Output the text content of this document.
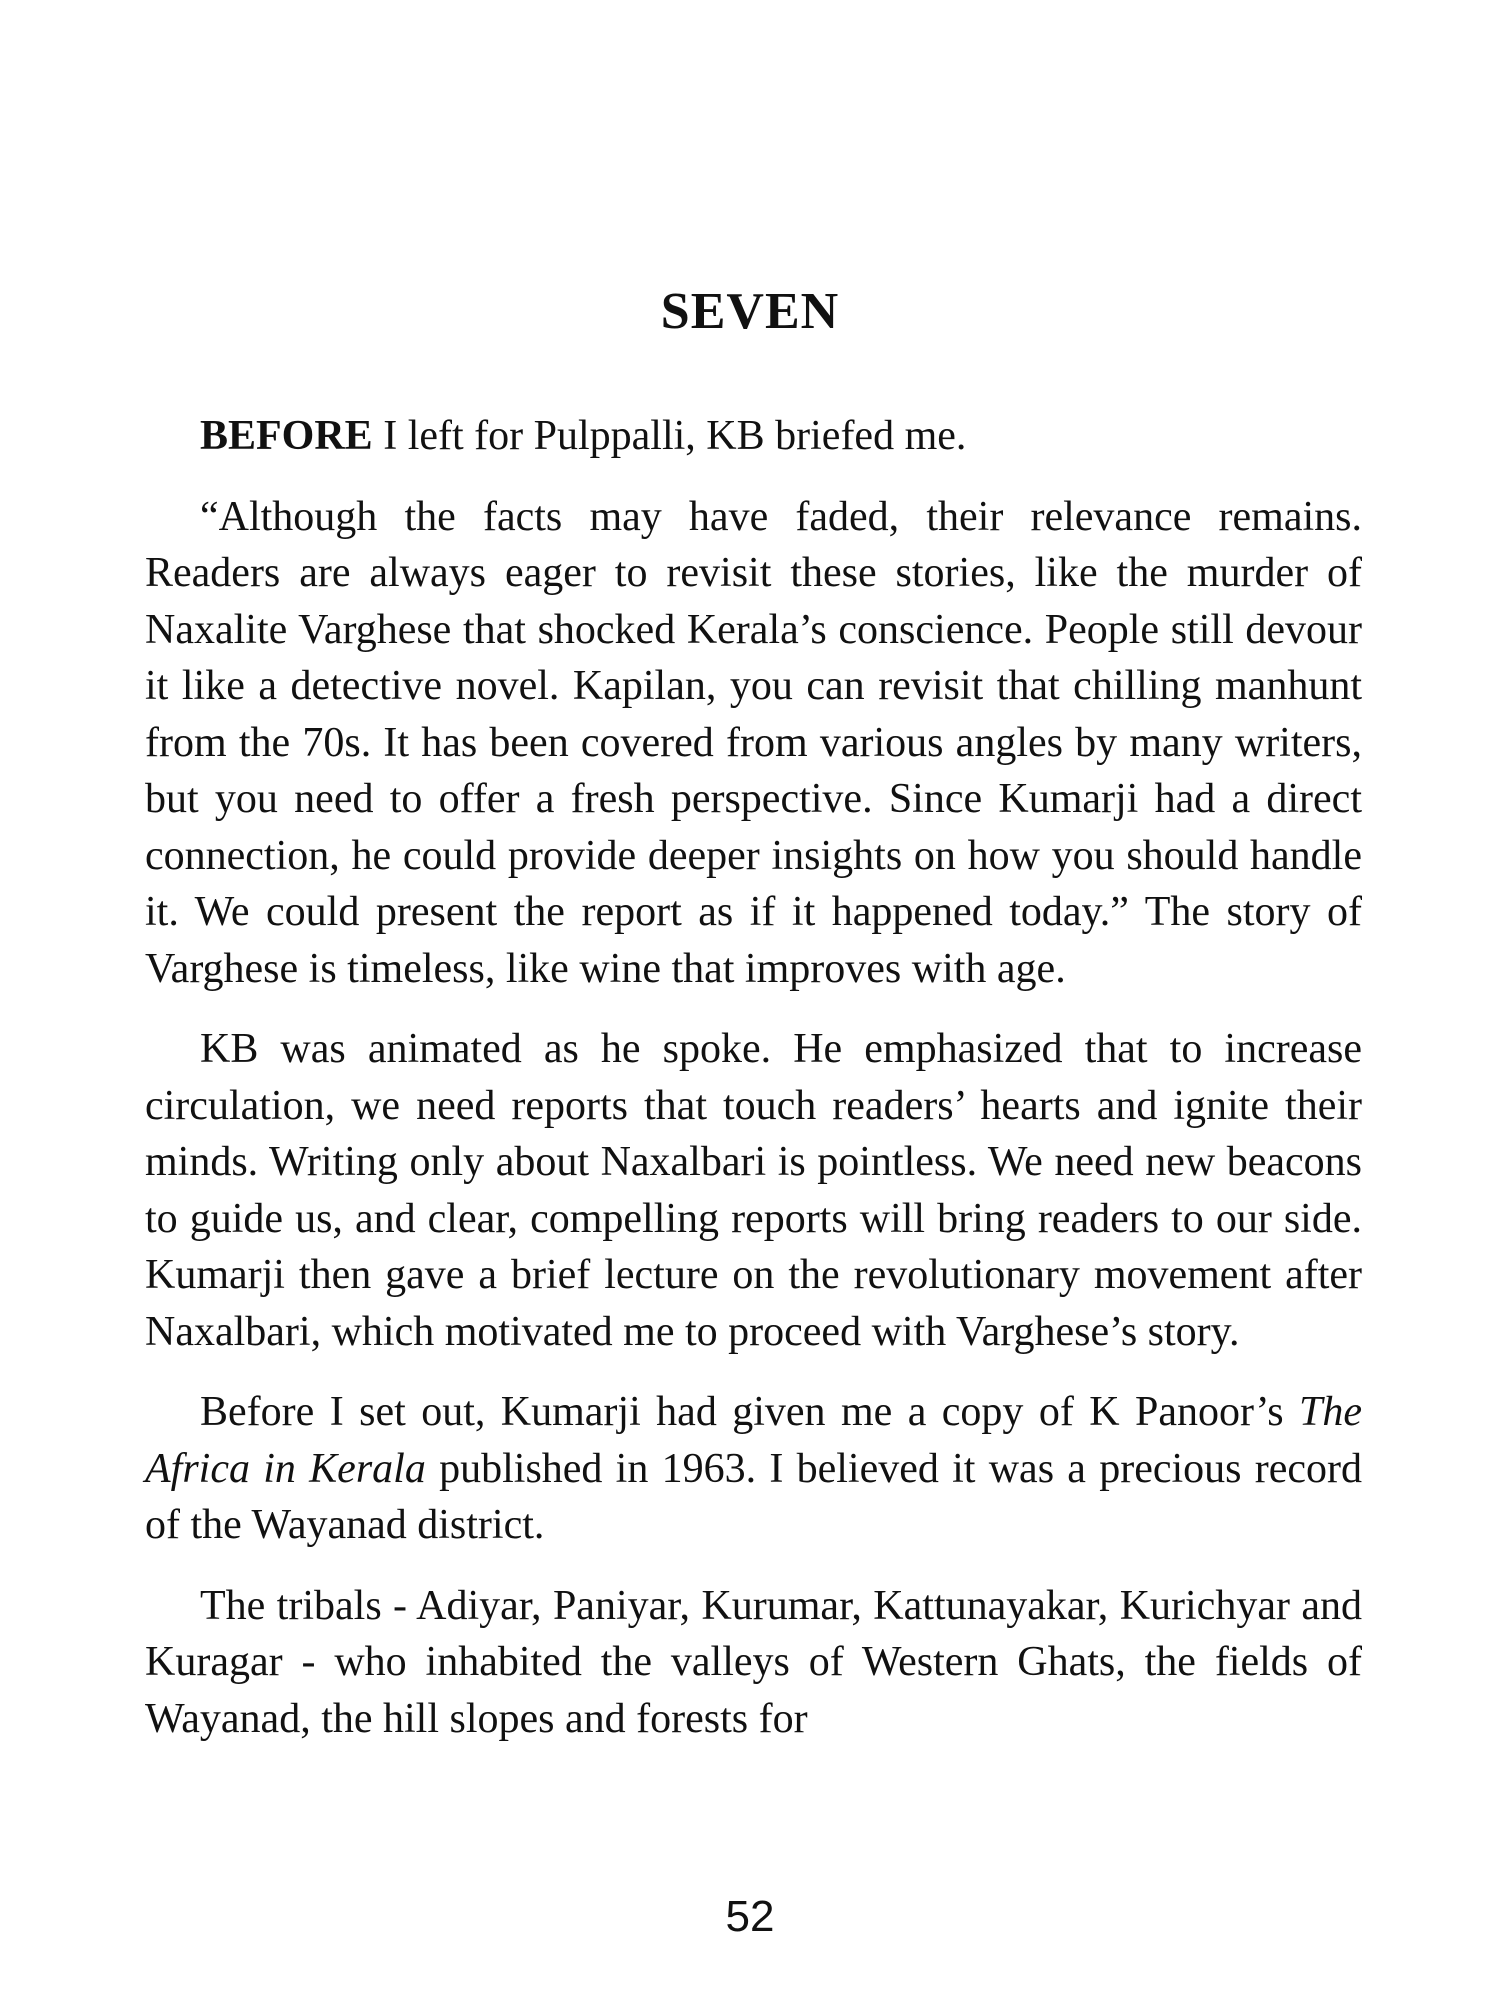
SEVEN

BEFORE I left for Pulppalli, KB briefed me.

“Although the facts may have faded, their relevance remains. Readers are always eager to revisit these stories, like the murder of Naxalite Varghese that shocked Kerala’s conscience. People still devour it like a detective novel. Kapilan, you can revisit that chilling manhunt from the 70s. It has been covered from various angles by many writers, but you need to offer a fresh perspective. Since Kumarji had a direct connection, he could provide deeper insights on how you should handle it. We could present the report as if it happened today.” The story of Varghese is timeless, like wine that improves with age.

KB was animated as he spoke. He emphasized that to increase circulation, we need reports that touch readers’ hearts and ignite their minds. Writing only about Naxalbari is pointless. We need new beacons to guide us, and clear, compelling reports will bring readers to our side. Kumarji then gave a brief lecture on the revolutionary movement after Naxalbari, which motivated me to proceed with Varghese’s story.

Before I set out, Kumarji had given me a copy of K Panoor’s The Africa in Kerala published in 1963. I believed it was a precious record of the Wayanad district.

The tribals - Adiyar, Paniyar, Kurumar, Kattunayakar, Kurichyar and Kuragar - who inhabited the valleys of Western Ghats, the fields of Wayanad, the hill slopes and forests for

52
